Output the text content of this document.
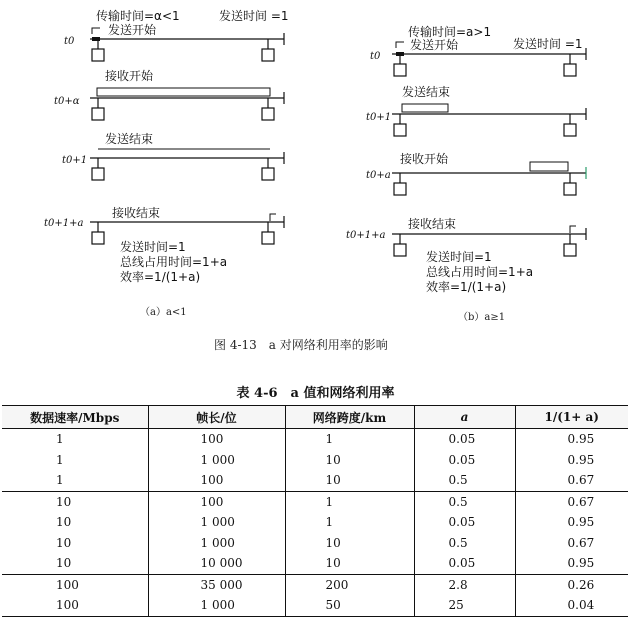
传输时间=α<1	发送时间 =1
发送开始
t0
接收开始
t0+α
发送结束
t0+1
接收结束
t0+1+a
发送时间=1
总线占用时间=1+a
效率=1/(1+a)
传输时间=a>1
发送时间 =1
发送开始
t0
发送结束
t0+1
接收开始
t0+a
接收结束
t0+1+a
发送时间=1
总线占用时间=1+a
效率=1/(1+a)
（a）a<1	（b）a≥1
图 4-13　a 对网络利用率的影响
表 4-6　a 值和网络利用率
数据速率/Mbps	帧长/位	网络跨度/km	a	1/(1+ a)
1	100	1	0.05	0.95
1	1 000	10	0.05	0.95
1	100	10	0.5	0.67
10	100	1	0.5	0.67
10	1 000	1	0.05	0.95
10	1 000	10	0.5	0.67
10	10 000	10	0.05	0.95
100	35 000	200	2.8	0.26
100	1 000	50	25	0.04
